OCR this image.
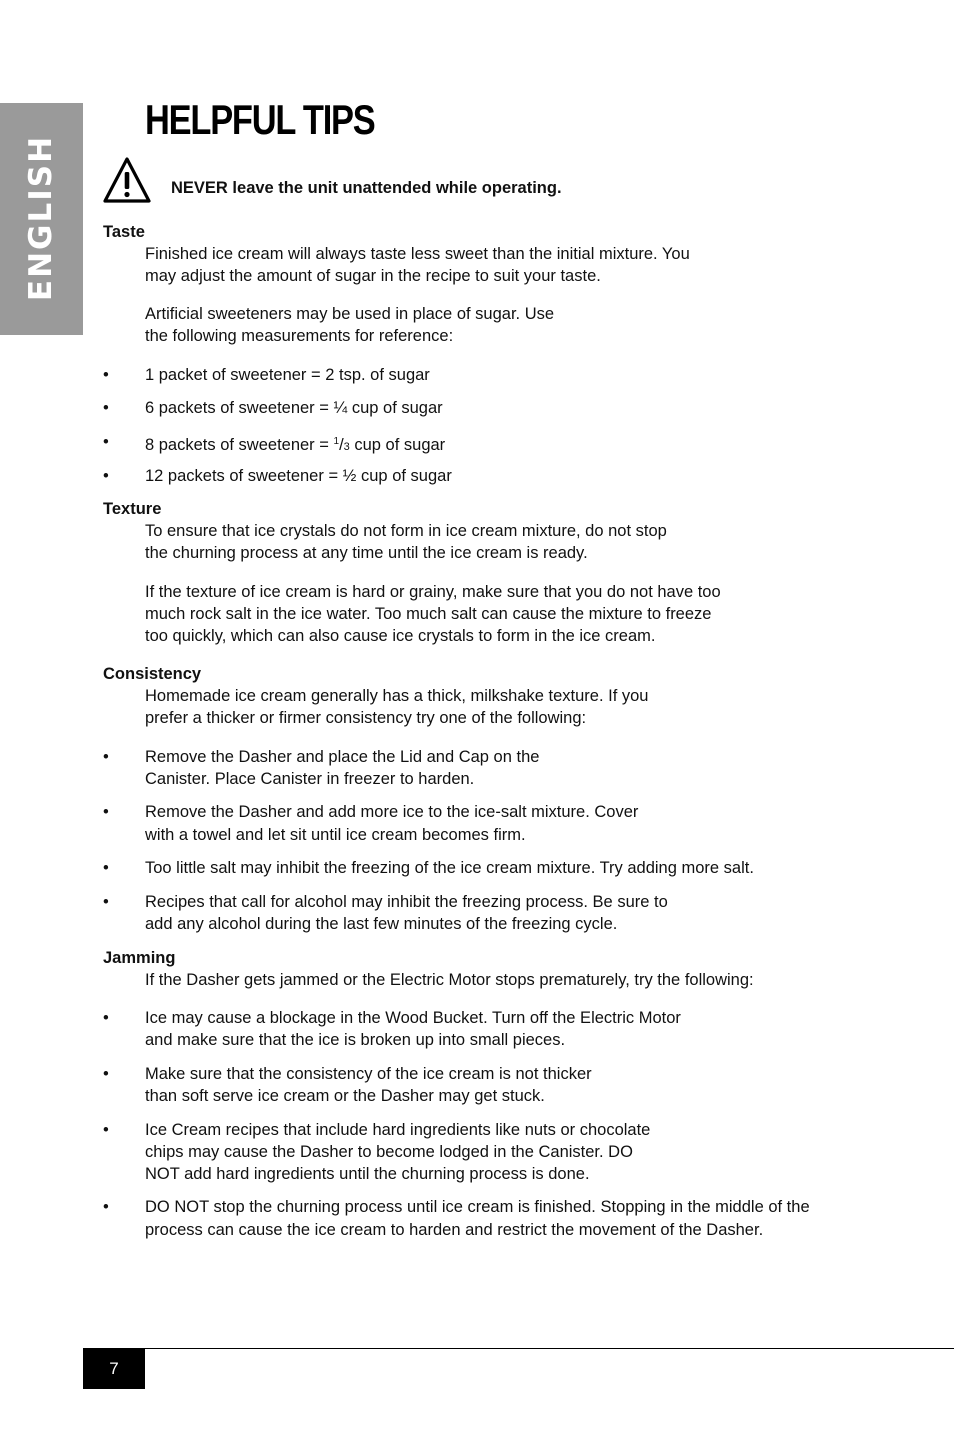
ENGLISH
HELPFUL TIPS
NEVER leave the unit unattended while operating.
Taste
Finished ice cream will always taste less sweet than the initial mixture. You
may adjust the amount of sugar in the recipe to suit your taste.
Artificial sweeteners may be used in place of sugar. Use
the following measurements for reference:
• 1 packet of sweetener = 2 tsp. of sugar
• 6 packets of sweetener = ¼ cup of sugar
• 8 packets of sweetener = $^1$/3 cup of sugar
• 12 packets of sweetener = ½ cup of sugar
Texture
To ensure that ice crystals do not form in ice cream mixture, do not stop
the churning process at any time until the ice cream is ready.
If the texture of ice cream is hard or grainy, make sure that you do not have too
much rock salt in the ice water. Too much salt can cause the mixture to freeze
too quickly, which can also cause ice crystals to form in the ice cream.
Consistency
Homemade ice cream generally has a thick, milkshake texture. If you
prefer a thicker or firmer consistency try one of the following:
• Remove the Dasher and place the Lid and Cap on the
Canister. Place Canister in freezer to harden.
• Remove the Dasher and add more ice to the ice-salt mixture. Cover
with a towel and let sit until ice cream becomes firm.
• Too little salt may inhibit the freezing of the ice cream mixture. Try adding more salt.
• Recipes that call for alcohol may inhibit the freezing process. Be sure to
add any alcohol during the last few minutes of the freezing cycle.
Jamming
If the Dasher gets jammed or the Electric Motor stops prematurely, try the following:
• Ice may cause a blockage in the Wood Bucket. Turn off the Electric Motor
and make sure that the ice is broken up into small pieces.
• Make sure that the consistency of the ice cream is not thicker
than soft serve ice cream or the Dasher may get stuck.
• Ice Cream recipes that include hard ingredients like nuts or chocolate
chips may cause the Dasher to become lodged in the Canister. DO
NOT add hard ingredients until the churning process is done.
• DO NOT stop the churning process until ice cream is finished. Stopping in the middle of the
process can cause the ice cream to harden and restrict the movement of the Dasher.
7
